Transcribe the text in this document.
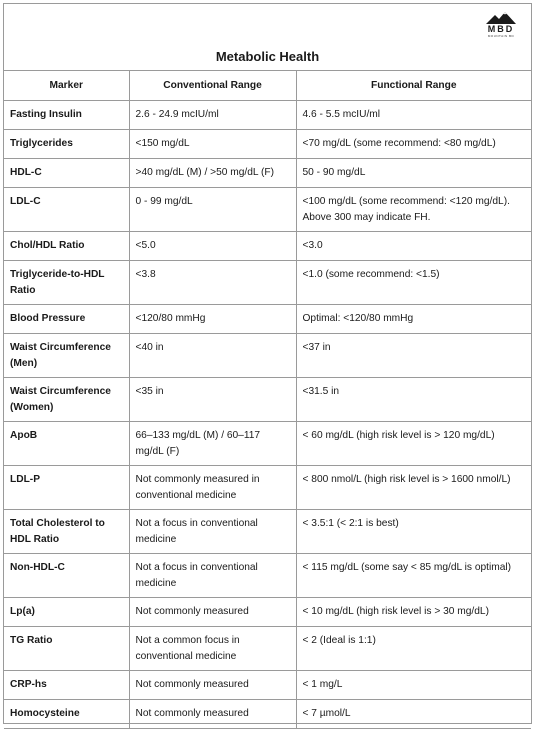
MBD
MOUNTAIN BD
Metabolic Health
Marker	Conventional Range	Functional Range
Fasting Insulin	2.6 - 24.9 mcIU/ml	4.6 - 5.5 mcIU/ml
Triglycerides	<150 mg/dL	<70 mg/dL (some recommend: <80 mg/dL)
HDL-C	>40 mg/dL (M) / >50 mg/dL (F)	50 - 90 mg/dL
LDL-C	0 - 99 mg/dL	<100 mg/dL (some recommend: <120 mg/dL). Above 300 may indicate FH.
Chol/HDL Ratio	<5.0	<3.0
Triglyceride-to-HDL Ratio	<3.8	<1.0 (some recommend: <1.5)
Blood Pressure	<120/80 mmHg	Optimal: <120/80 mmHg
Waist Circumference (Men)	<40 in	<37 in
Waist Circumference (Women)	<35 in	<31.5 in
ApoB	66–133 mg/dL (M) / 60–117 mg/dL (F)	< 60 mg/dL (high risk level is > 120 mg/dL)
LDL-P	Not commonly measured in conventional medicine	< 800 nmol/L (high risk level is > 1600 nmol/L)
Total Cholesterol to HDL Ratio	Not a focus in conventional medicine	< 3.5:1 (< 2:1 is best)
Non-HDL-C	Not a focus in conventional medicine	< 115 mg/dL (some say < 85 mg/dL is optimal)
Lp(a)	Not commonly measured	< 10 mg/dL (high risk level is > 30 mg/dL)
TG Ratio	Not a common focus in conventional medicine	< 2 (Ideal is 1:1)
CRP-hs	Not commonly measured	< 1 mg/L
Homocysteine	Not commonly measured	< 7 µmol/L
